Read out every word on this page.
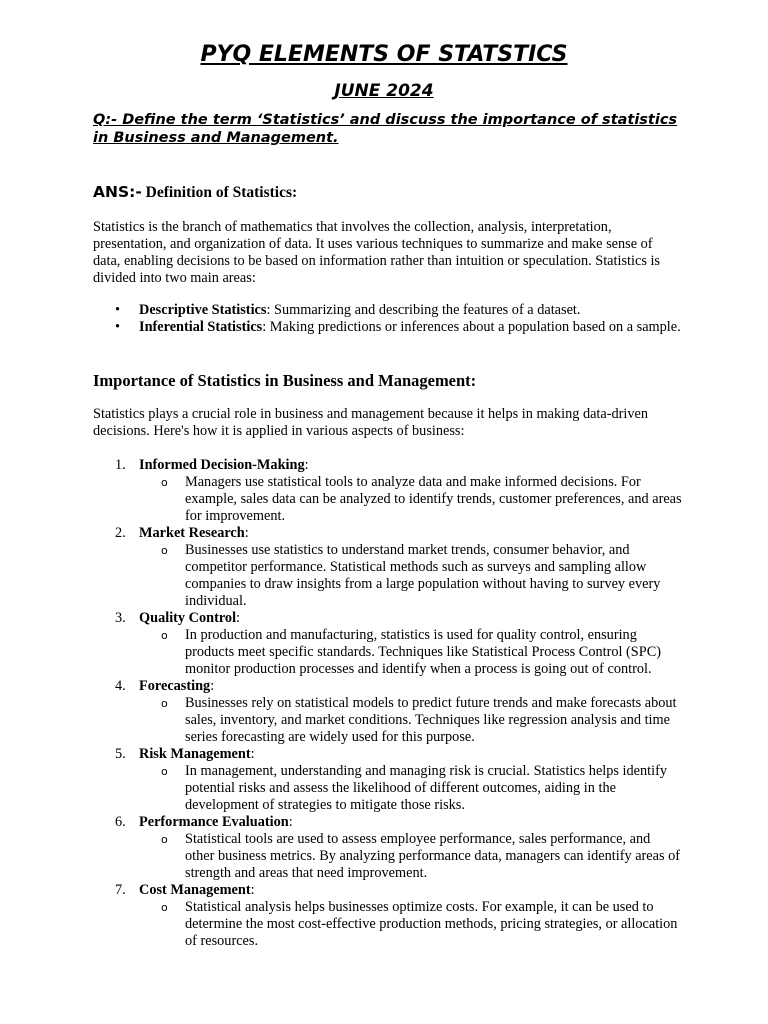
PYQ ELEMENTS OF STATSTICS
JUNE 2024

Q:- Define the term ‘Statistics’ and discuss the importance of statistics in Business and Management.

ANS:- Definition of Statistics:

Statistics is the branch of mathematics that involves the collection, analysis, interpretation, presentation, and organization of data. It uses various techniques to summarize and make sense of data, enabling decisions to be based on information rather than intuition or speculation. Statistics is divided into two main areas:

• Descriptive Statistics: Summarizing and describing the features of a dataset.
• Inferential Statistics: Making predictions or inferences about a population based on a sample.
Importance of Statistics in Business and Management:

Statistics plays a crucial role in business and management because it helps in making data-driven decisions. Here's how it is applied in various aspects of business:

1. Informed Decision-Making:

o Managers use statistical tools to analyze data and make informed decisions. For example, sales data can be analyzed to identify trends, customer preferences, and areas for improvement.

2. Market Research:

o Businesses use statistics to understand market trends, consumer behavior, and competitor performance. Statistical methods such as surveys and sampling allow companies to draw insights from a large population without having to survey every individual.

3. Quality Control:

o In production and manufacturing, statistics is used for quality control, ensuring products meet specific standards. Techniques like Statistical Process Control (SPC) monitor production processes and identify when a process is going out of control.

4. Forecasting:

o Businesses rely on statistical models to predict future trends and make forecasts about sales, inventory, and market conditions. Techniques like regression analysis and time series forecasting are widely used for this purpose.

5. Risk Management:

o In management, understanding and managing risk is crucial. Statistics helps identify potential risks and assess the likelihood of different outcomes, aiding in the development of strategies to mitigate those risks.

6. Performance Evaluation:

o Statistical tools are used to assess employee performance, sales performance, and other business metrics. By analyzing performance data, managers can identify areas of strength and areas that need improvement.

7. Cost Management:

o Statistical analysis helps businesses optimize costs. For example, it can be used to determine the most cost-effective production methods, pricing strategies, or allocation of resources.
